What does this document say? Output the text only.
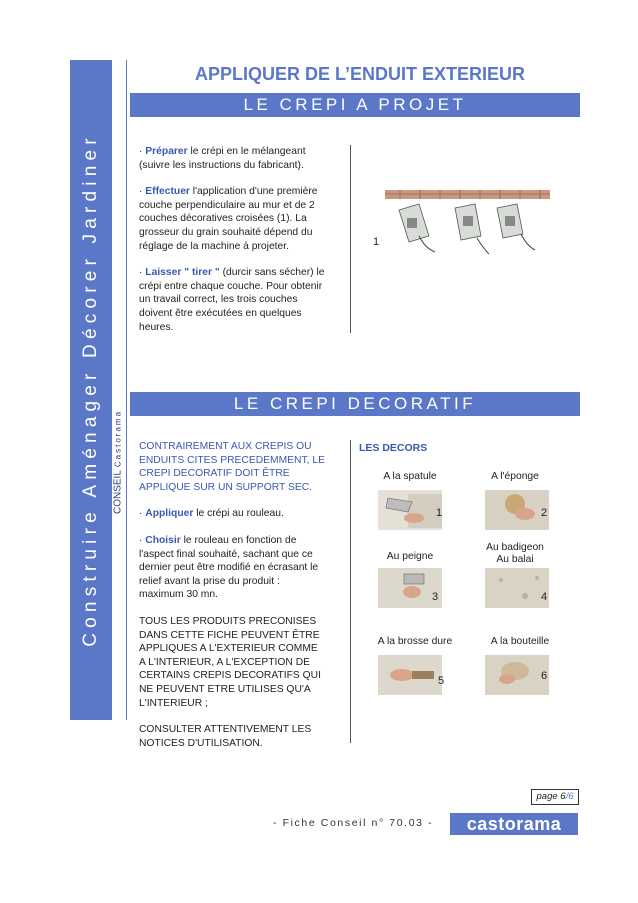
Construire Aménager Décorer Jardiner CONSEILCastorama
APPLIQUER DE L’ENDUIT EXTERIEUR
LE CREPI A PROJET
· Préparer le crépi en le mélangeant
(suivre les instructions du fabricant).
· Effectuer l'application d'une première
couche perpendiculaire au mur et de 2
couches décoratives croisées (1). La
grosseur du grain souhaité dépend du
réglage de la machine à projeter.
· Laisser " tirer " (durcir sans sécher) le
crépi entre chaque couche. Pour obtenir
un travail correct, les trois couches
doivent être exécutées en quelques
heures.
1
LE CREPI DECORATIF
CONTRAIREMENT AUX CREPIS OU
ENDUITS CITES PRECEDEMMENT, LE
CREPI DECORATIF DOIT ÊTRE
APPLIQUE SUR UN SUPPORT SEC.
· Appliquer le crépi au rouleau.
· Choisir le rouleau en fonction de
l'aspect final souhaité, sachant que ce
dernier peut être modifié en écrasant le
relief avant la prise du produit :
maximum 30 mn.
TOUS LES PRODUITS PRECONISES
DANS CETTE FICHE PEUVENT ÊTRE
APPLIQUES A L'EXTERIEUR COMME
A L'INTERIEUR, A L'EXCEPTION DE
CERTAINS CREPIS DECORATIFS QUI
NE PEUVENT ETRE UTILISES QU'A
L'INTERIEUR ;
CONSULTER ATTENTIVEMENT LES
NOTICES D'UTILISATION.
LES DECORS
A la spatule	A l'éponge
1	2
Au peigne
Au badigeon
Au balai
3	4
A la brosse dure	A la bouteille
5	6
page 6/6
- Fiche Conseil n° 70.03 -	castorama
